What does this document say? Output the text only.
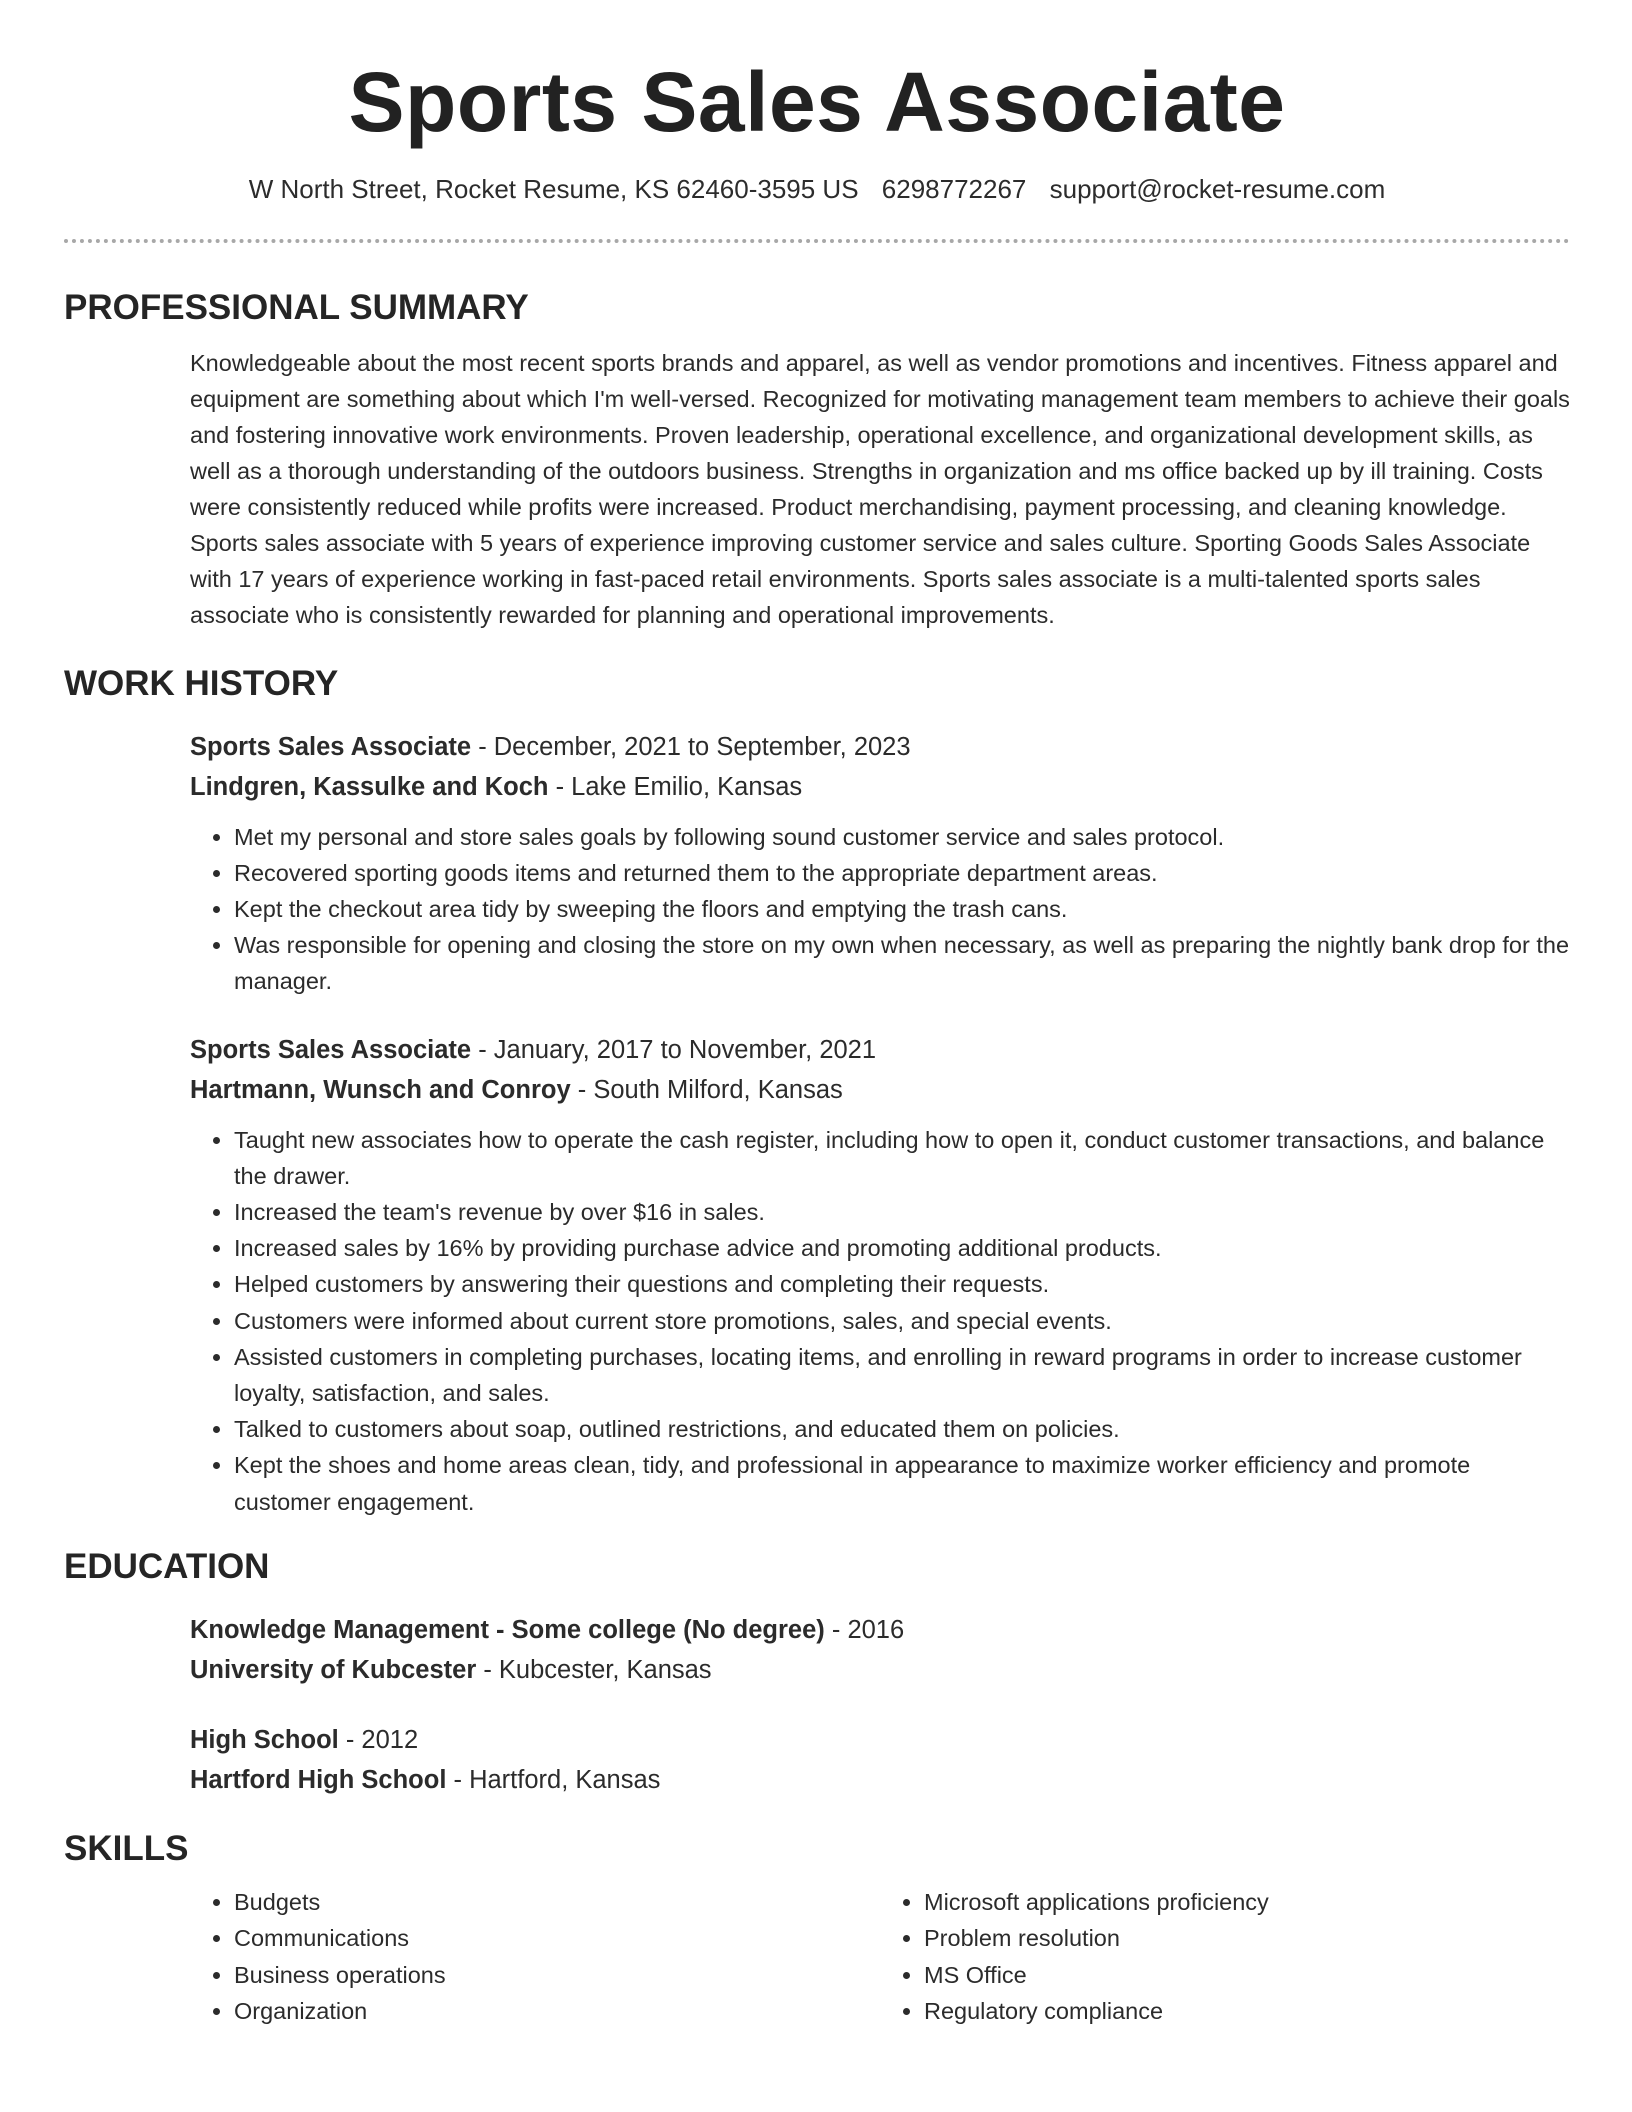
Sports Sales Associate
W North Street, Rocket Resume, KS 62460-3595 US 6298772267 support@rocket-resume.com
PROFESSIONAL SUMMARY
Knowledgeable about the most recent sports brands and apparel, as well as vendor promotions and incentives. Fitness apparel and equipment are something about which I'm well-versed. Recognized for motivating management team members to achieve their goals and fostering innovative work environments. Proven leadership, operational excellence, and organizational development skills, as well as a thorough understanding of the outdoors business. Strengths in organization and ms office backed up by ill training. Costs were consistently reduced while profits were increased. Product merchandising, payment processing, and cleaning knowledge. Sports sales associate with 5 years of experience improving customer service and sales culture. Sporting Goods Sales Associate with 17 years of experience working in fast-paced retail environments. Sports sales associate is a multi-talented sports sales associate who is consistently rewarded for planning and operational improvements.
WORK HISTORY
Sports Sales Associate - December, 2021 to September, 2023
Lindgren, Kassulke and Koch - Lake Emilio, Kansas
• Met my personal and store sales goals by following sound customer service and sales protocol.
• Recovered sporting goods items and returned them to the appropriate department areas.
• Kept the checkout area tidy by sweeping the floors and emptying the trash cans.
• Was responsible for opening and closing the store on my own when necessary, as well as preparing the nightly bank drop for the manager.
Sports Sales Associate - January, 2017 to November, 2021
Hartmann, Wunsch and Conroy - South Milford, Kansas
• Taught new associates how to operate the cash register, including how to open it, conduct customer transactions, and balance the drawer.
• Increased the team's revenue by over $16 in sales.
• Increased sales by 16% by providing purchase advice and promoting additional products.
• Helped customers by answering their questions and completing their requests.
• Customers were informed about current store promotions, sales, and special events.
• Assisted customers in completing purchases, locating items, and enrolling in reward programs in order to increase customer loyalty, satisfaction, and sales.
• Talked to customers about soap, outlined restrictions, and educated them on policies.
• Kept the shoes and home areas clean, tidy, and professional in appearance to maximize worker efficiency and promote customer engagement.
EDUCATION
Knowledge Management - Some college (No degree) - 2016
University of Kubcester - Kubcester, Kansas
High School - 2012
Hartford High School - Hartford, Kansas
SKILLS
• Budgets
• Communications
• Business operations
• Organization
• Microsoft applications proficiency
• Problem resolution
• MS Office
• Regulatory compliance
